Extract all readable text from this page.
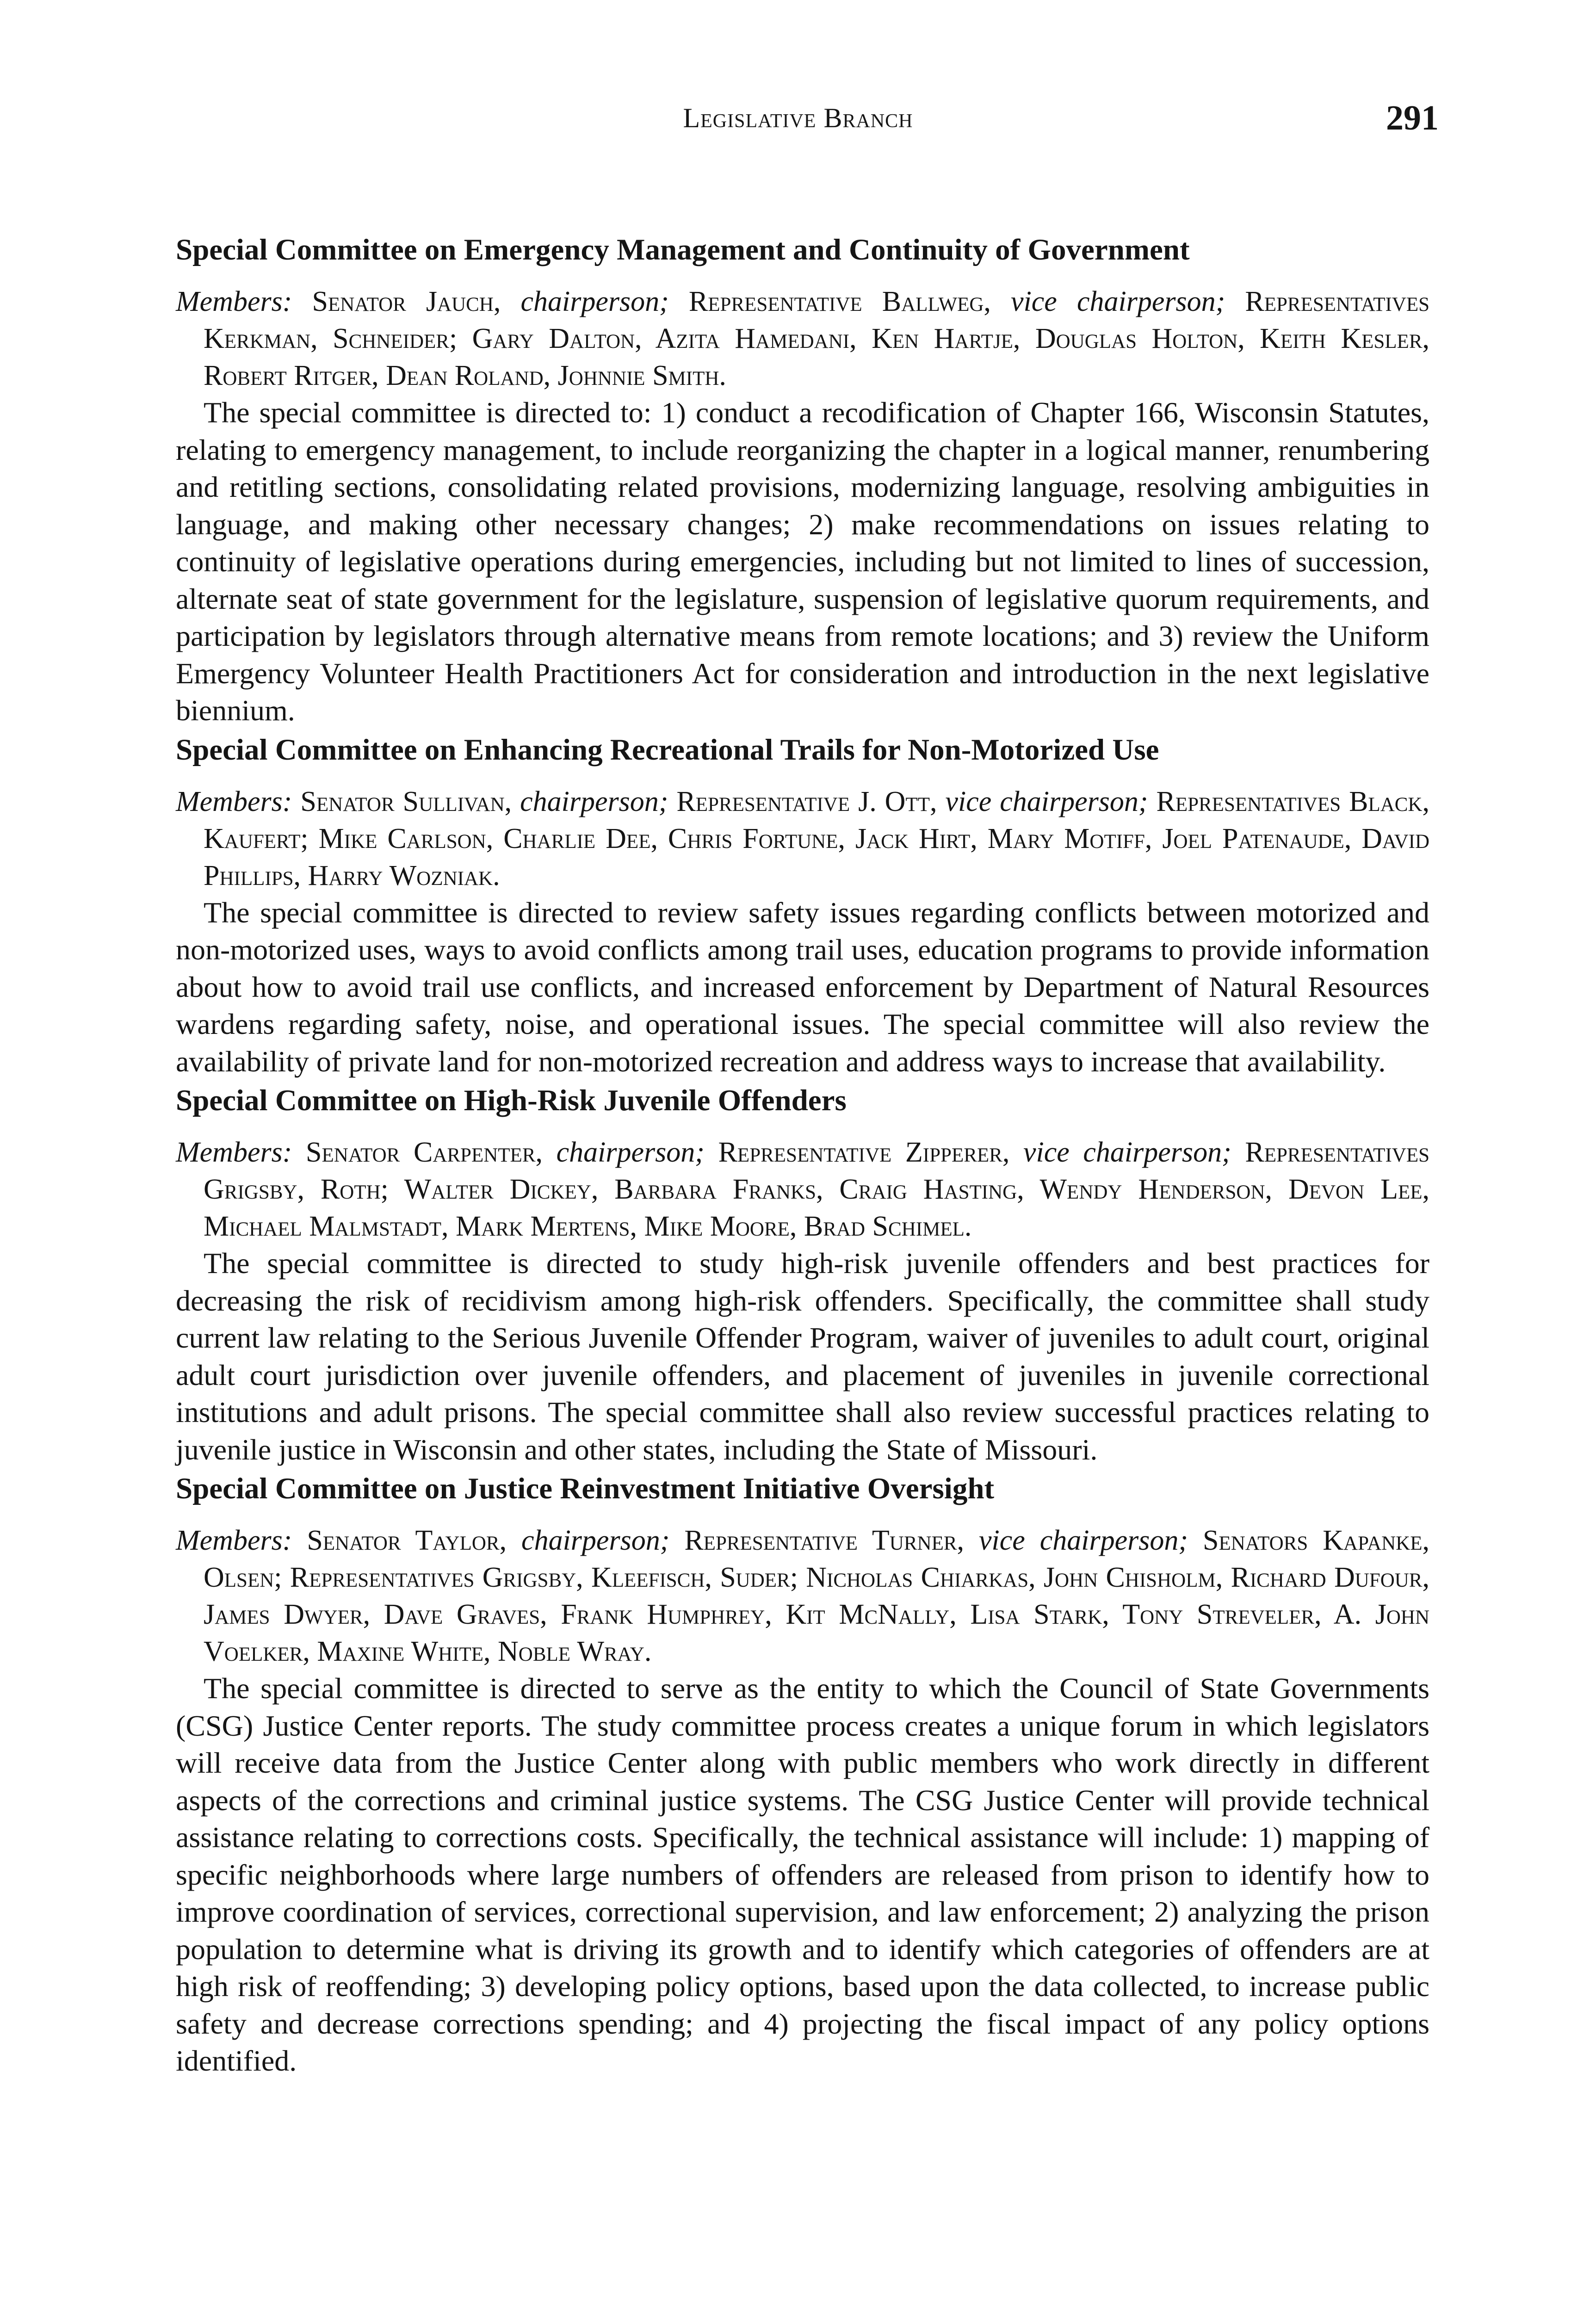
Legislative Branch	291
Special Committee on Emergency Management and Continuity of Government

Members: Senator Jauch, chairperson; Representative Ballweg, vice chairperson; Representatives Kerkman, Schneider; Gary Dalton, Azita Hamedani, Ken Hartje, Douglas Holton, Keith Kesler, Robert Ritger, Dean Roland, Johnnie Smith.

The special committee is directed to: 1) conduct a recodification of Chapter 166, Wisconsin Statutes, relating to emergency management, to include reorganizing the chapter in a logical manner, renumbering and retitling sections, consolidating related provisions, modernizing language, resolving ambiguities in language, and making other necessary changes; 2) make recommendations on issues relating to continuity of legislative operations during emergencies, including but not limited to lines of succession, alternate seat of state government for the legislature, suspension of legislative quorum requirements, and participation by legislators through alternative means from remote locations; and 3) review the Uniform Emergency Volunteer Health Practitioners Act for consideration and introduction in the next legislative biennium.

Special Committee on Enhancing Recreational Trails for Non-Motorized Use

Members: Senator Sullivan, chairperson; Representative J. Ott, vice chairperson; Representatives Black, Kaufert; Mike Carlson, Charlie Dee, Chris Fortune, Jack Hirt, Mary Motiff, Joel Patenaude, David Phillips, Harry Wozniak.

The special committee is directed to review safety issues regarding conflicts between motorized and non-motorized uses, ways to avoid conflicts among trail uses, education programs to provide information about how to avoid trail use conflicts, and increased enforcement by Department of Natural Resources wardens regarding safety, noise, and operational issues. The special committee will also review the availability of private land for non-motorized recreation and address ways to increase that availability.

Special Committee on High-Risk Juvenile Offenders

Members: Senator Carpenter, chairperson; Representative Zipperer, vice chairperson; Representatives Grigsby, Roth; Walter Dickey, Barbara Franks, Craig Hasting, Wendy Henderson, Devon Lee, Michael Malmstadt, Mark Mertens, Mike Moore, Brad Schimel.

The special committee is directed to study high-risk juvenile offenders and best practices for decreasing the risk of recidivism among high-risk offenders. Specifically, the committee shall study current law relating to the Serious Juvenile Offender Program, waiver of juveniles to adult court, original adult court jurisdiction over juvenile offenders, and placement of juveniles in juvenile correctional institutions and adult prisons. The special committee shall also review successful practices relating to juvenile justice in Wisconsin and other states, including the State of Missouri.

Special Committee on Justice Reinvestment Initiative Oversight

Members: Senator Taylor, chairperson; Representative Turner, vice chairperson; Senators Kapanke, Olsen; Representatives Grigsby, Kleefisch, Suder; Nicholas Chiarkas, John Chisholm, Richard Dufour, James Dwyer, Dave Graves, Frank Humphrey, Kit McNally, Lisa Stark, Tony Streveler, A. John Voelker, Maxine White, Noble Wray.

The special committee is directed to serve as the entity to which the Council of State Governments (CSG) Justice Center reports. The study committee process creates a unique forum in which legislators will receive data from the Justice Center along with public members who work directly in different aspects of the corrections and criminal justice systems. The CSG Justice Center will provide technical assistance relating to corrections costs. Specifically, the technical assistance will include: 1) mapping of specific neighborhoods where large numbers of offenders are released from prison to identify how to improve coordination of services, correctional supervision, and law enforcement; 2) analyzing the prison population to determine what is driving its growth and to identify which categories of offenders are at high risk of reoffending; 3) developing policy options, based upon the data collected, to increase public safety and decrease corrections spending; and 4) projecting the fiscal impact of any policy options identified.
